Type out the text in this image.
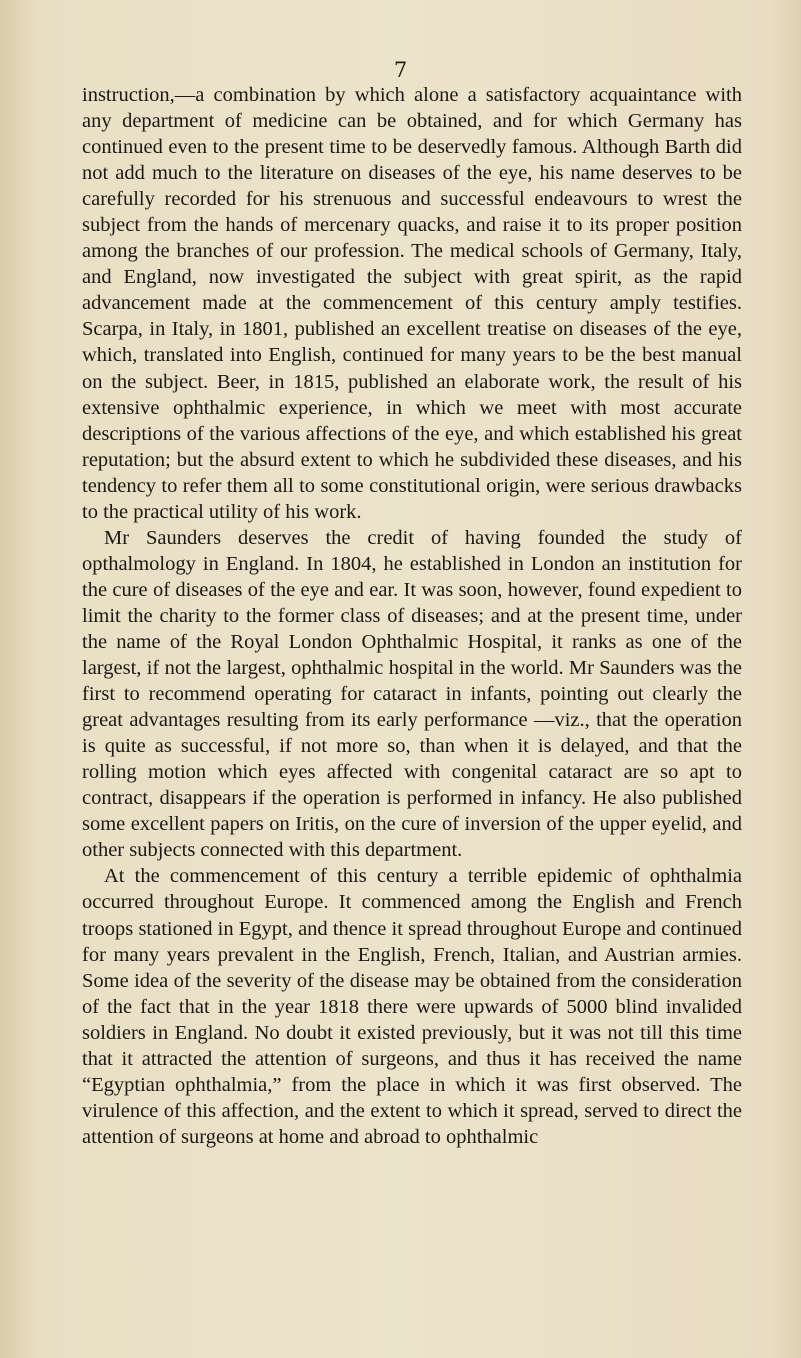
7

instruction,—a combination by which alone a satisfactory acquaintance with any department of medicine can be obtained, and for which Germany has continued even to the present time to be deservedly famous. Although Barth did not add much to the literature on diseases of the eye, his name deserves to be carefully recorded for his strenuous and successful endeavours to wrest the subject from the hands of mercenary quacks, and raise it to its proper position among the branches of our profession. The medical schools of Germany, Italy, and England, now investigated the subject with great spirit, as the rapid advancement made at the commencement of this century amply testifies. Scarpa, in Italy, in 1801, published an excellent treatise on diseases of the eye, which, translated into English, continued for many years to be the best manual on the subject. Beer, in 1815, published an elaborate work, the result of his extensive ophthalmic experience, in which we meet with most accurate descriptions of the various affections of the eye, and which established his great reputation; but the absurd extent to which he subdivided these diseases, and his tendency to refer them all to some constitutional origin, were serious drawbacks to the practical utility of his work.

Mr Saunders deserves the credit of having founded the study of opthalmology in England. In 1804, he established in London an institution for the cure of diseases of the eye and ear. It was soon, however, found expedient to limit the charity to the former class of diseases; and at the present time, under the name of the Royal London Ophthalmic Hospital, it ranks as one of the largest, if not the largest, ophthalmic hospital in the world. Mr Saunders was the first to recommend operating for cataract in infants, pointing out clearly the great advantages resulting from its early performance —viz., that the operation is quite as successful, if not more so, than when it is delayed, and that the rolling motion which eyes affected with congenital cataract are so apt to contract, disappears if the operation is performed in infancy. He also published some excellent papers on Iritis, on the cure of inversion of the upper eyelid, and other subjects connected with this department.

At the commencement of this century a terrible epidemic of ophthalmia occurred throughout Europe. It commenced among the English and French troops stationed in Egypt, and thence it spread throughout Europe and continued for many years prevalent in the English, French, Italian, and Austrian armies. Some idea of the severity of the disease may be obtained from the consideration of the fact that in the year 1818 there were upwards of 5000 blind invalided soldiers in England. No doubt it existed previously, but it was not till this time that it attracted the attention of surgeons, and thus it has received the name “Egyptian ophthalmia,” from the place in which it was first observed. The virulence of this affection, and the extent to which it spread, served to direct the attention of surgeons at home and abroad to ophthalmic
